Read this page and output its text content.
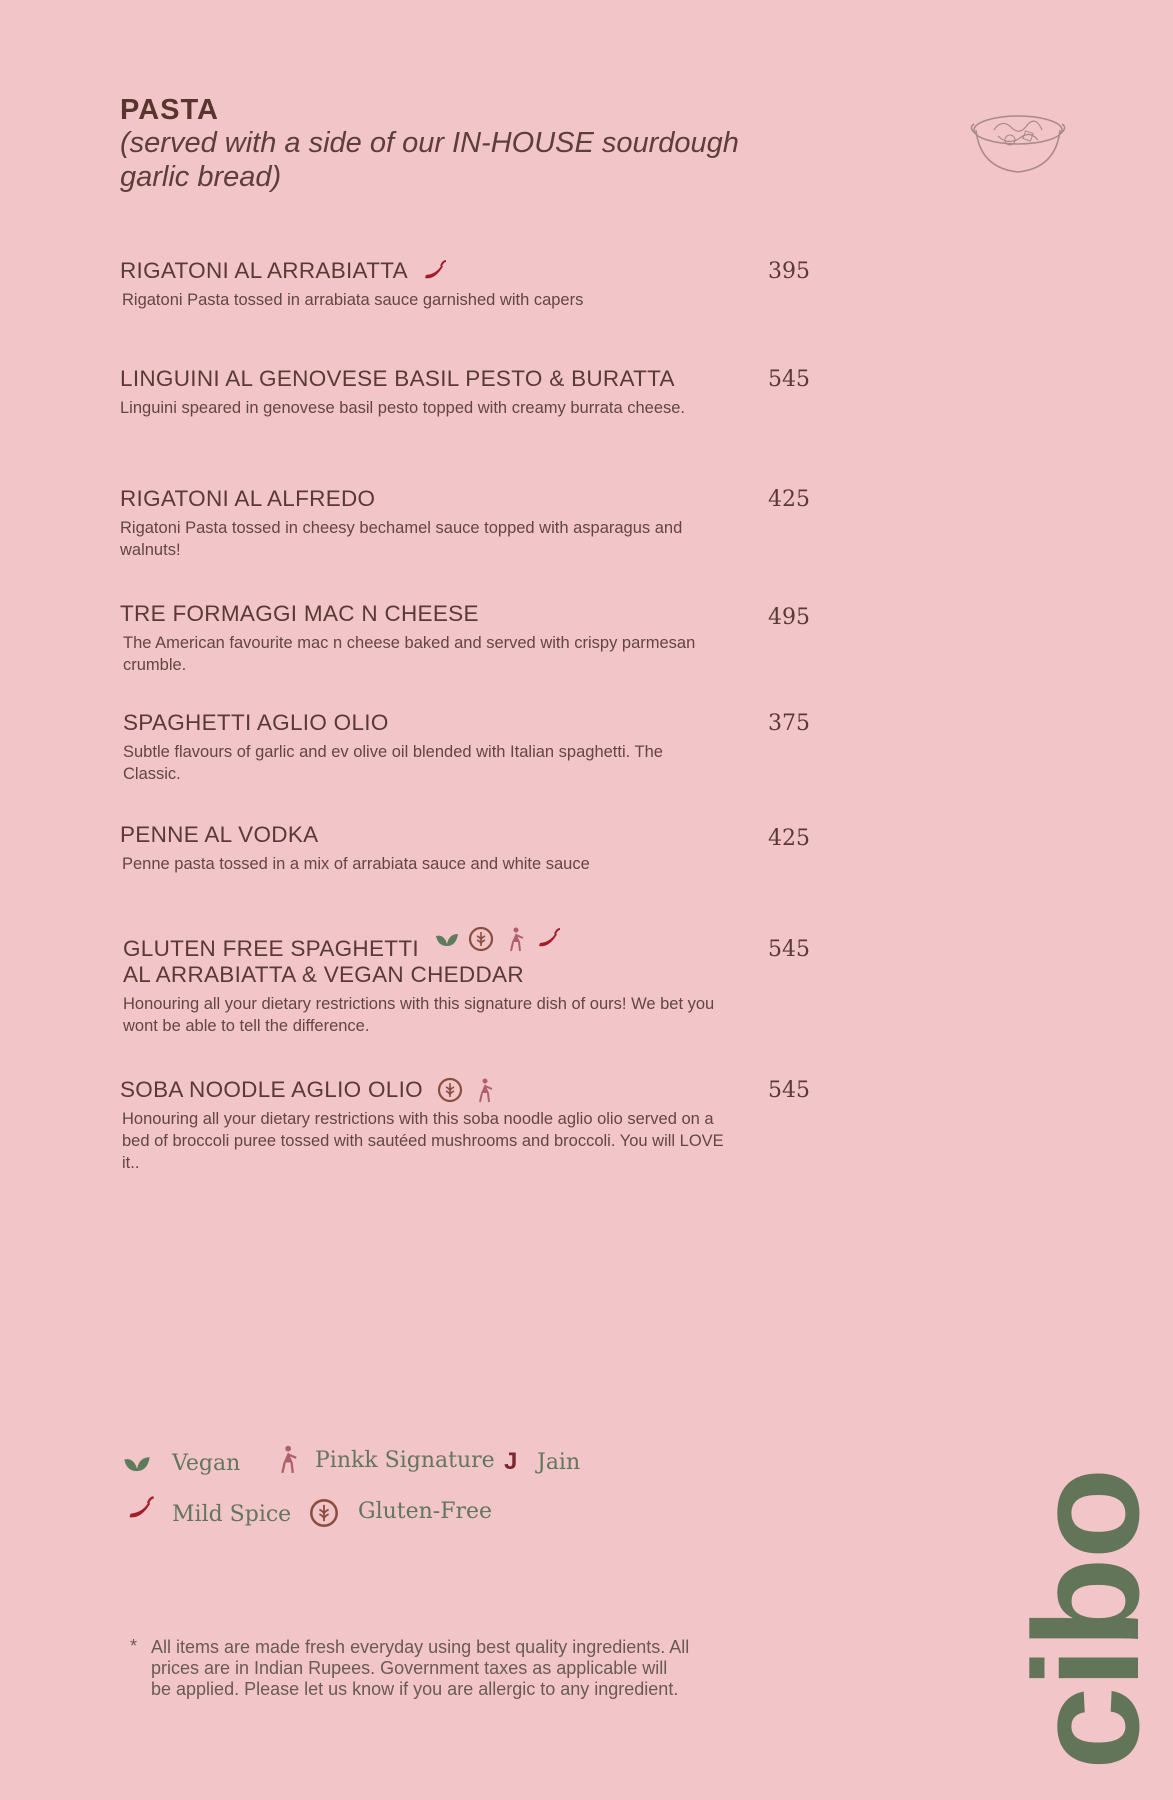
PASTA

(served with a side of our IN-HOUSE sourdough garlic bread)

RIGATONI AL ARRABIATTA
Rigatoni Pasta tossed in arrabiata sauce garnished with capers
395
LINGUINI AL GENOVESE BASIL PESTO & BURATTA
Linguini speared in genovese basil pesto topped with creamy burrata cheese.
545
RIGATONI AL ALFREDO
Rigatoni Pasta tossed in cheesy bechamel sauce topped with asparagus and walnuts!
425
TRE FORMAGGI MAC N CHEESE
The American favourite mac n cheese baked and served with crispy parmesan crumble.
495
SPAGHETTI AGLIO OLIO
Subtle flavours of garlic and ev olive oil blended with Italian spaghetti. The Classic.
375
PENNE AL VODKA
Penne pasta tossed in a mix of arrabiata sauce and white sauce
425
GLUTEN FREE SPAGHETTI
AL ARRABIATTA & VEGAN CHEDDAR
Honouring all your dietary restrictions with this signature dish of ours! We bet you wont be able to tell the difference.
545
SOBA NOODLE AGLIO OLIO
Honouring all your dietary restrictions with this soba noodle aglio olio served on a bed of broccoli puree tossed with sautéed mushrooms and broccoli. You will LOVE it..
545
Vegan	Pinkk Signature J Jain
Mild Spice	Gluten-Free
* All items are made fresh everyday using best quality ingredients. All prices are in Indian Rupees. Government taxes as applicable will be applied. Please let us know if you are allergic to any ingredient. cibo
